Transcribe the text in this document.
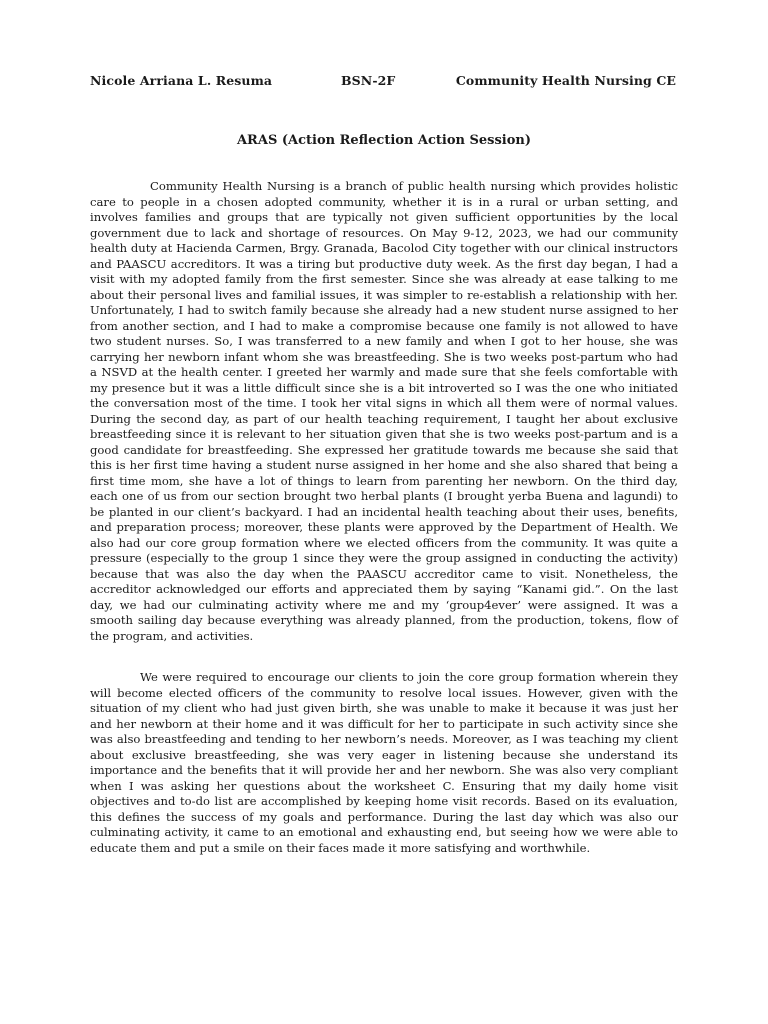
Nicole Arriana L. Resuma	BSN-2F	Community Health Nursing CE
ARAS (Action Reflection Action Session)

Community Health Nursing is a branch of public health nursing which provides holistic care to people in a chosen adopted community, whether it is in a rural or urban setting, and involves families and groups that are typically not given sufficient opportunities by the local government due to lack and shortage of resources. On May 9-12, 2023, we had our community health duty at Hacienda Carmen, Brgy. Granada, Bacolod City together with our clinical instructors and PAASCU accreditors. It was a tiring but productive duty week. As the first day began, I had a visit with my adopted family from the first semester. Since she was already at ease talking to me about their personal lives and familial issues, it was simpler to re-establish a relationship with her. Unfortunately, I had to switch family because she already had a new student nurse assigned to her from another section, and I had to make a compromise because one family is not allowed to have two student nurses. So, I was transferred to a new family and when I got to her house, she was carrying her newborn infant whom she was breastfeeding. She is two weeks post-partum who had a NSVD at the health center. I greeted her warmly and made sure that she feels comfortable with my presence but it was a little difficult since she is a bit introverted so I was the one who initiated the conversation most of the time. I took her vital signs in which all them were of normal values. During the second day, as part of our health teaching requirement, I taught her about exclusive breastfeeding since it is relevant to her situation given that she is two weeks post-partum and is a good candidate for breastfeeding. She expressed her gratitude towards me because she said that this is her first time having a student nurse assigned in her home and she also shared that being a first time mom, she have a lot of things to learn from parenting her newborn. On the third day, each one of us from our section brought two herbal plants (I brought yerba Buena and lagundi) to be planted in our client’s backyard. I had an incidental health teaching about their uses, benefits, and preparation process; moreover, these plants were approved by the Department of Health. We also had our core group formation where we elected officers from the community. It was quite a pressure (especially to the group 1 since they were the group assigned in conducting the activity) because that was also the day when the PAASCU accreditor came to visit. Nonetheless, the accreditor acknowledged our efforts and appreciated them by saying “Kanami gid.”. On the last day, we had our culminating activity where me and my ‘group4ever’ were assigned. It was a smooth sailing day because everything was already planned, from the production, tokens, flow of the program, and activities.

We were required to encourage our clients to join the core group formation wherein they will become elected officers of the community to resolve local issues. However, given with the situation of my client who had just given birth, she was unable to make it because it was just her and her newborn at their home and it was difficult for her to participate in such activity since she was also breastfeeding and tending to her newborn’s needs. Moreover, as I was teaching my client about exclusive breastfeeding, she was very eager in listening because she understand its importance and the benefits that it will provide her and her newborn. She was also very compliant when I was asking her questions about the worksheet C. Ensuring that my daily home visit objectives and to-do list are accomplished by keeping home visit records. Based on its evaluation, this defines the success of my goals and performance. During the last day which was also our culminating activity, it came to an emotional and exhausting end, but seeing how we were able to educate them and put a smile on their faces made it more satisfying and worthwhile.
